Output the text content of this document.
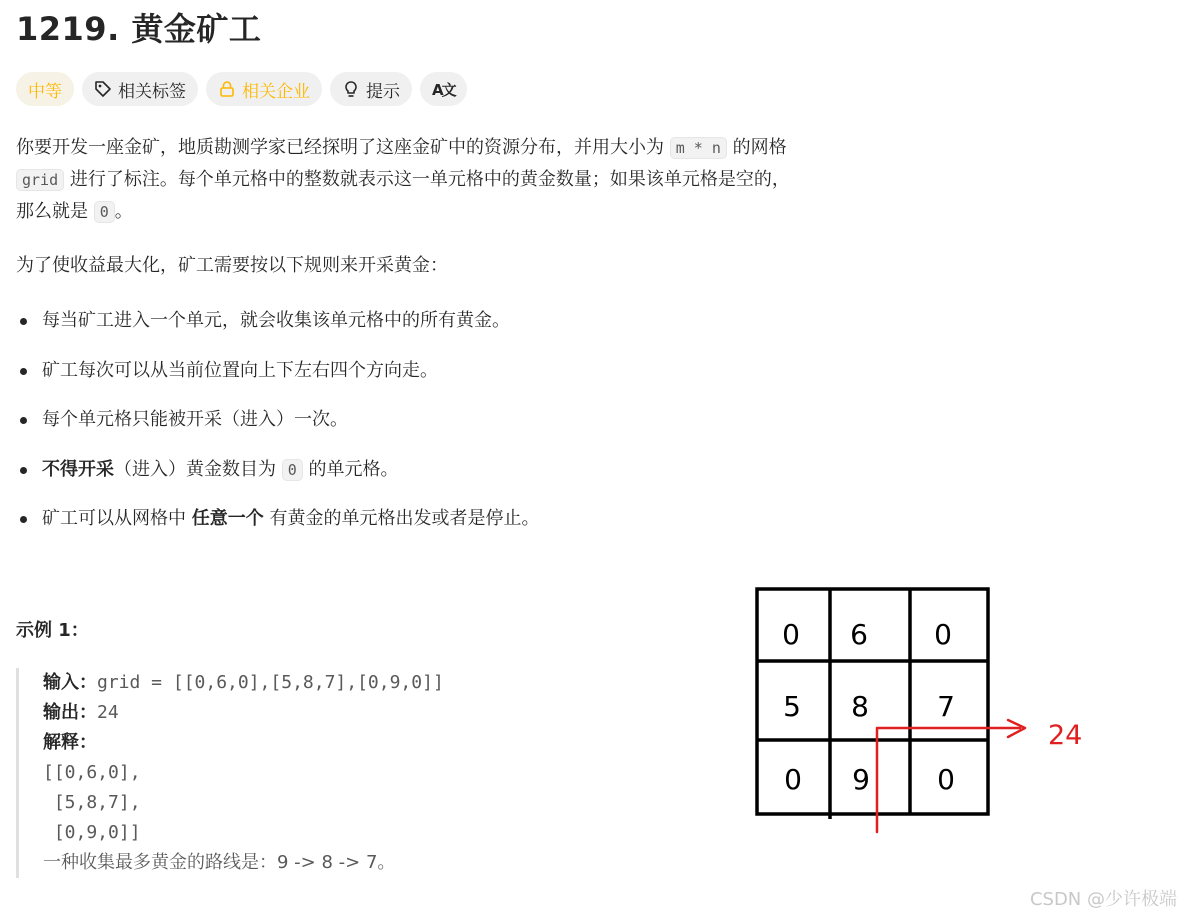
1219. 黄金矿工
中等	相关标签	相关企业	提示 A文

你要开发一座金矿，地质勘测学家已经探明了这座金矿中的资源分布，并用大小为 m * n 的网格
grid 进行了标注。每个单元格中的整数就表示这一单元格中的黄金数量；如果该单元格是空的，
那么就是 0 。

为了使收益最大化，矿工需要按以下规则来开采黄金：

每当矿工进入一个单元，就会收集该单元格中的所有黄金。
矿工每次可以从当前位置向上下左右四个方向走。
每个单元格只能被开采（进入）一次。
不得开采（进入）黄金数目为 0 的单元格。
矿工可以从网格中 任意一个 有黄金的单元格出发或者是停止。
示例 1：
输入：grid = [[0,6,0],[5,8,7],[0,9,0]]
输出：24
解释：
[[0,6,0],
[5,8,7],
[0,9,0]]
一种收集最多黄金的路线是：9 -> 8 -> 7。
0 6 0
5 8 7
0 9 0
24
CSDN @少许极端
